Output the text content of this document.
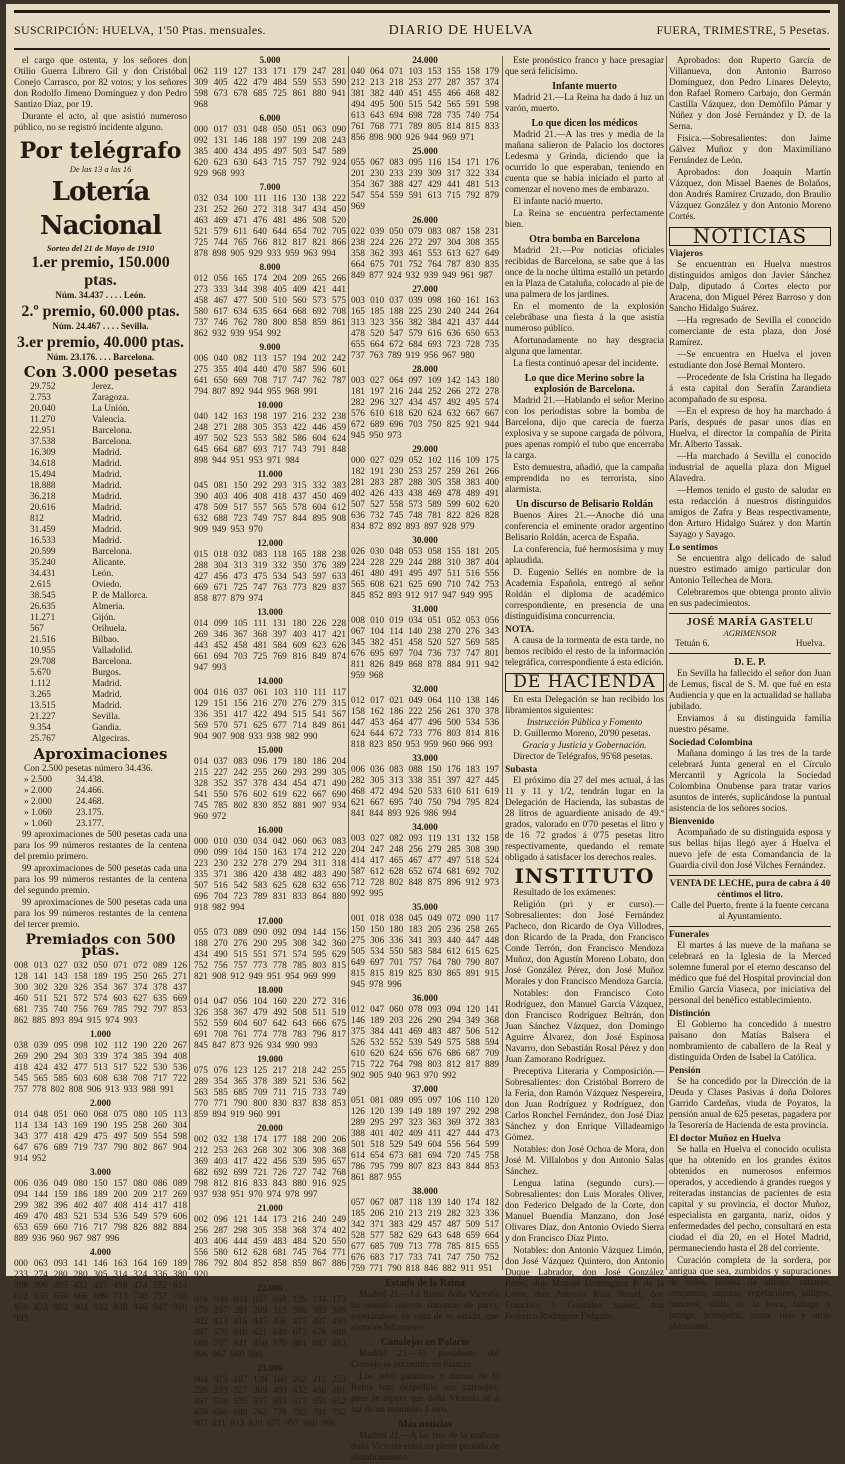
SUSCRIPCIÓN: HUELVA, 1'50 Ptas. mensuales.	DIARIO DE HUELVA	FUERA, TRIMESTRE, 5 Pesetas.

el cargo que ostenta, y los señores don Otilio Guerra Librero Gil y don Cristóbal Conejo Carrasco, por 82 votos; y los señores don Rodolfo Jimeno Domínguez y don Pedro Santizo Díaz, por 19.

Durante el acto, al que asistió numeroso público, no se registró incidente alguno.

Por telégrafo
De las 13 a las 16
Lotería Nacional
Sorteo del 21 de Mayo de 1910
1.er premio, 150.000 ptas.
Núm. 34.437 . . . . León.
2.º premio, 60.000 ptas.
Núm. 24.467 . . . . Sevilla.
3.er premio, 40.000 ptas.
Núm. 23.176. . . . Barcelona.
Con 3.000 pesetas
29.752	Jerez.
2.753	Zaragoza.
20.040	La Unión.
11.270	Valencia.
22.951	Barcelona.
37.538	Barcelona.
16.309	Madrid.
34.618	Madrid.
15.494	Madrid.
18.888	Madrid.
36.218	Madrid.
20.616	Madrid.
812	Madrid.
31.459	Madrid.
16.533	Madrid.
20.599	Barcelona.
35.240	Alicante.
34.431	León.
2.615	Oviedo.
38.545	P. de Mallorca.
26.635	Almería.
11.271	Gijón.
567	Orihuela.
21.516	Bilbao.
10.955	Valladolid.
29.708	Barcelona.
5.670	Burgos.
1.112	Madrid.
3.265	Madrid.
13.515	Madrid.
21.227	Sevilla.
9.354	Gandía.
25.767	Algeciras.
Aproximaciones
Con 2.500 pesetas número 34.436.
» 2.500	34.438.
» 2.000	24.466.
» 2.000	24.468.
» 1.060	23.175.
» 1.060	23.177.

99 aproximaciones de 500 pesetas cada una para los 99 números restantes de la centena del premio primero.

99 aproximaciones de 500 pesetas cada una para los 99 números restantes de la centena del segundo premio.

99 aproximaciones de 500 pesetas cada una para los 99 números restantes de la centena del tercer premio.

Premiados con 500 ptas.
008 013 027 032 050 071 072 089 126 128 141 143 158 189 195 250 265 271 300 302 320 326 354 367 374 378 437 460 511 521 572 574 603 627 635 669 681 735 740 756 769 785 792 797 853 862 885 893 894 915 974 993
1.000
038 039 095 098 102 112 190 220 267 269 290 294 303 339 374 385 394 408 418 424 432 477 513 517 522 530 536 545 565 585 603 608 638 708 717 722 757 778 802 808 906 913 933 988 991
2.000
014 048 051 060 068 075 080 105 113 114 134 143 169 190 195 258 260 304 343 377 418 429 475 497 509 554 598 647 676 689 719 737 790 802 867 904 914 952
3.000
006 036 049 080 150 157 080 086 089 094 144 159 186 189 200 209 217 269 299 382 396 402 407 408 414 417 418 469 470 483 521 534 536 549 579 606 653 659 660 716 717 798 826 882 884 889 936 960 967 987 996
4.000
000 063 093 141 146 163 164 169 189 233 274 280 280 305 314 324 336 380 388 396 405 432 457 458 474 552 614 622 635 659 666 689 713 740 757 768 870 873 892 904 932 938 946 947 950 993
5.000
062 119 127 133 171 179 247 281 309 405 422 479 484 559 553 590 598 673 678 685 725 861 880 941 968
6.000
000 017 031 048 050 051 063 090 092 131 146 188 197 199 208 243 385 400 434 495 497 503 547 589 620 623 630 643 715 757 792 924 929 968 993
7.000
032 034 100 111 116 130 138 222 231 252 260 272 318 347 434 450 463 469 471 476 481 486 508 520 521 579 611 640 644 654 702 705 725 744 765 766 812 817 821 866 878 898 905 929 933 959 963 994
8.000
012 056 165 174 204 209 265 266 273 333 344 398 405 409 421 441 458 467 477 500 510 560 573 575 580 617 634 635 664 668 692 708 737 746 762 780 800 858 859 861 862 932 939 954 992
9.000
006 040 082 113 157 194 202 242 275 355 404 440 470 587 596 601 641 650 669 708 717 747 762 787 794 807 892 944 955 968 991
10.000
040 142 163 198 197 216 232 238 248 271 288 305 353 422 446 459 497 502 523 553 582 586 604 624 645 664 687 693 717 743 791 848 898 944 951 953 971 984
11.000
045 081 150 292 293 315 332 383 390 403 406 408 418 437 450 469 478 509 517 557 565 578 604 612 632 688 723 749 757 844 895 908 909 949 953 970
12.000
015 018 032 083 118 165 188 238 288 304 313 319 332 350 376 389 427 456 473 475 534 543 597 633 669 671 725 747 763 773 829 837 858 877 879 974
13.000
014 099 105 111 131 180 226 228 269 346 367 368 397 403 417 421 443 452 458 481 584 609 623 626 661 694 703 725 769 816 849 874 947 993
14.000
004 016 037 061 103 110 111 117 129 151 156 216 270 276 279 315 336 351 417 422 494 515 541 567 569 570 571 625 677 714 849 861 904 907 908 933 938 982 990
15.000
014 037 083 096 179 180 186 204 215 227 242 255 260 293 299 305 328 352 357 378 434 454 471 490 541 550 576 602 619 622 667 690 745 785 802 830 852 881 907 934 960 972
16.000
000 010 030 034 042 060 063 083 090 099 104 150 163 174 212 220 223 230 232 278 279 294 311 318 335 371 386 420 438 482 483 490 507 516 542 583 625 628 632 656 696 704 723 789 831 833 864 880 918 982 994
17.000
055 073 089 090 092 094 144 156 188 270 276 290 295 308 342 360 434 490 515 551 571 574 595 629 752 756 757 773 778 785 803 815 821 908 912 949 951 954 969 999
18.000
014 047 056 104 160 220 272 316 326 358 367 479 492 508 511 519 552 559 604 607 642 643 666 675 691 708 761 774 778 783 796 817 845 847 873 926 934 990 993
19.000
075 076 123 125 217 218 242 255 289 354 365 378 389 521 536 562 563 585 685 709 711 715 733 749 770 771 790 800 830 837 838 853 859 894 919 960 991
20.000
002 032 138 174 177 188 200 206 212 253 263 268 302 306 308 368 369 403 417 422 456 539 595 657 682 692 699 721 726 727 742 768 798 812 816 833 843 880 916 925 937 938 951 970 974 978 997
21.000
002 096 121 144 173 216 240 249 256 287 298 305 358 368 374 402 403 406 444 459 483 484 520 550 556 580 612 628 681 745 764 771 786 792 804 852 858 859 867 886 920
22.000
016 030 034 037 058 125 134 173 178 257 281 289 315 360 383 389 402 413 416 445 456 477 487 490 497 570 618 621 649 673 676 688 688 797 841 850 870 881 883 883 896 967 980 985
23.000
064 075 107 139 160 202 212 223 226 233 327 369 403 432 456 481 497 518 535 597 603 617 650 652 670 686 688 762 776 782 791 792 807 811 813 820 875 957 960 996
24.000
040 064 071 103 153 155 158 179 212 213 218 253 277 287 357 374 381 382 440 451 455 466 468 482 494 495 500 515 542 565 591 598 613 643 694 698 728 735 740 754 761 768 771 789 805 814 815 833 856 898 900 926 944 969 971
25.000
055 067 083 095 116 154 171 176 201 230 233 239 309 317 322 334 354 367 388 427 429 441 481 513 547 554 559 591 613 715 792 879 969
26.000
022 039 050 079 083 087 158 231 238 224 226 272 297 304 308 355 358 362 393 461 553 613 627 649 664 675 701 752 764 787 830 835 849 877 924 932 939 949 961 987
27.000
003 010 037 039 098 160 161 163 165 185 188 225 230 240 244 264 313 323 356 382 384 421 437 444 478 520 547 579 616 636 650 653 655 664 672 684 693 723 728 735 737 763 789 919 956 967 980
28.000
003 027 064 097 109 142 143 180 181 197 216 244 252 266 272 278 282 296 327 434 457 492 495 574 576 610 618 620 624 632 667 667 672 689 696 703 750 825 921 944 945 950 973
29.000
000 027 029 052 102 116 109 175 182 191 230 253 257 259 261 266 281 283 287 288 305 358 383 400 402 426 433 438 469 478 489 491 507 527 558 573 589 599 602 620 636 732 745 748 781 822 826 828 834 872 892 893 897 928 979
30.000
026 030 048 053 058 155 181 205 224 228 229 244 288 310 387 404 461 480 491 495 497 511 516 556 565 608 621 625 690 710 742 753 845 852 893 912 917 947 949 995
31.000
008 010 019 034 051 052 053 056 067 104 114 140 238 270 276 343 345 382 451 458 520 527 569 585 676 695 697 704 736 737 747 801 811 826 849 868 878 884 911 942 959 968
32.000
012 017 021 049 064 110 138 146 158 162 186 222 256 261 370 378 447 453 464 477 496 500 534 536 624 644 672 733 776 803 814 816 818 823 850 953 959 960 966 993
33.000
006 036 083 088 150 176 183 197 282 305 313 338 351 397 427 445 468 472 494 520 533 610 611 619 621 667 695 740 750 794 795 824 841 844 893 926 986 994
34.000
003 027 082 093 119 131 132 158 204 247 248 256 279 285 308 390 414 417 465 467 477 497 518 524 587 612 628 652 674 681 692 702 712 728 802 848 875 896 912 973 992 995
35.000
001 018 038 045 049 072 090 117 150 150 180 183 205 236 258 265 275 306 336 341 393 440 447 448 505 534 550 583 584 612 615 625 649 697 701 757 764 780 790 807 815 815 819 825 830 865 891 915 945 978 996
36.000
012 047 060 078 093 094 120 141 146 189 203 226 290 294 349 368 375 384 441 469 483 487 506 512 526 532 552 539 549 575 588 594 610 620 624 656 676 686 687 709 715 722 764 798 803 812 817 889 902 905 940 963 970 992
37.000
051 081 089 095 097 106 110 120 126 120 139 149 189 197 292 298 289 295 297 323 363 369 372 383 388 401 402 409 411 427 444 473 501 518 529 549 604 556 564 599 614 654 673 681 694 720 745 758 786 795 799 807 823 843 844 853 861 887 955
38.000
057 067 087 118 139 140 174 182 185 206 210 213 219 282 323 336 342 371 383 429 457 487 509 517 528 577 582 629 643 648 659 664 677 685 709 713 778 785 815 655 676 683 717 733 741 747 750 752 759 771 790 818 846 882 911 951
Estado de la Reina

Madrid 21.—La Reina doña Victoria ha sentido nuevos síntomas de parto, esperándose, en vista de su estado, que alumbre felizmente.

Canalejas en Palacio

Madrid 21.—El presidente del Consejo se encuentra en Palacio.

Los jefes palatinos y damas de la Reina han despedido sus carruajes, pues se espera que doña Victoria dé á luz de un momento á otro.

Más noticias

Madrid 21.—A las tres de la mañana doña Victoria entró en pleno período de alumbramiento.

Este pronóstico franco y hace presagiar que será felicísimo.

Infante muerto

Madrid 21.—La Reina ha dado á luz un varón, muerto.

Lo que dicen los médicos

Madrid 21.—A las tres y media de la mañana salieron de Palacio los doctores Ledesma y Grinda, diciendo que la ocurrido lo que esperaban, teniendo en cuenta que se había iniciado el parto al comenzar el noveno mes de embarazo.

El infante nació muerto.

La Reina se encuentra perfectamente bien.

Otra bomba en Barcelona

Madrid 21.—Por noticias oficiales recibidas de Barcelona, se sabe que á las once de la noche última estalló un petardo en la Plaza de Cataluña, colocado al pie de una palmera de los jardines.

En el momento de la explosión celebrábase una fiesta á la que asistía numeroso público.

Afortunadamente no hay desgracia alguna que lamentar.

La fiesta continuó apesar del incidente.

Lo que dice Merino sobre la explosión de Barcelona.

Madrid 21.—Hablando el señor Merino con los periodistas sobre la bomba de Barcelona, dijo que carecía de fuerza explosiva y se supone cargada de pólvora, pues apenas rompió el tubo que encerraba la carga.

Esto demuestra, añadió, que la campaña emprendida no es terrorista, sino alarmista.

Un discurso de Belisario Roldán

Buenos Aires 21.—Anoche dió una conferencia el eminente orador argentino Belisario Roldán, acerca de España.

La conferencia, fué hermosísima y muy aplaudida.

D. Eugenio Sellés en nombre de la Academia Española, entregó al señor Roldán el diploma de académico correspondiente, en presencia de una distinguidísima concurrencia.

NOTA.

A causa de la tormenta de esta tarde, no hemos recibido el resto de la información telegráfica, correspondiente á esta edición.

DE HACIENDA

En esta Delegación se han recibido los libramientos siguientes:

Instrucción Pública y Fomento

D. Guillermo Moreno, 20'90 pesetas.

Gracia y Justicia y Gobernación.

Director de Telégrafos, 95'68 pesetas.

Subasta

El próximo día 27 del mes actual, á las 11 y 11 y 1/2, tendrán lugar en la Delegación de Hacienda, las subastas de 28 litros de aguardiente anisado de 49.º grados, valorado en 0'70 pesetas el litro y de 16 72 grados á 0'75 pesetas litro respectivamente, quedando el remate obligado á satisfacer los derechos reales.

INSTITUTO

Resultado de los exámenes:

Religión (pri y er curso).—Sobresalientes: don José Fernández Pacheco, don Ricardo de Oya Villodres, don Ricardo de la Prada, don Francisco Conde Terrón, don Francisco Mendoza Muñoz, don Agustín Moreno Lobato, don José González Pérez, don José Muñoz Morales y don Francisco Mendoza García.

Notables: don Francisco Coto Rodríguez, don Manuel García Vázquez, don Francisco Rodríguez Beltrán, don Juan Sánchez Vázquez, don Domingo Aguirre Álvarez, don José Espinosa Navarro, don Sebastián Rosal Pérez y don Juan Zamorano Rodríguez.

Preceptiva Literaria y Composición.—Sobresalientes: don Cristóbal Borrero de la Feria, don Ramón Vázquez Nespereira, don Juan Rodríguez y Rodríguez, don Carlos Ronchel Fernández, don José Díaz Sánchez y don Enrique Villadeamigo Gómez.

Notables: don José Ochoa de Mora, don José M. Villalobos y don Antonio Salas Sánchez.

Lengua latina (segundo curs).—Sobresalientes: don Luis Morales Oliver, don Federico Delgado de la Corte, don Manuel Buendía Manzano, don José Olivares Díaz, don Antonio Oviedo Sierra y don Francisco Díaz Pinto.

Notables: don Antonio Vázquez Limón, don José Vázquez Quintero, don Antonio Duque Labrador, don José González Páreo, don Manuel Domínguez P. de la Corte, don Antonio Ruiz Teruel, don Francisco J. González Suárez, don Federico Rodríguez Delgado.

Aprobados: don Ruperto García de Villanueva, don Antonio Barroso Domínguez, don Pedro Linares Deleyto, don Rafael Romero Carbajo, don Germán Castilla Vázquez, don Demófilo Pámar y Núñez y don José Fernández y D. de la Serna.

Física.—Sobresalientes: don Jaime Gálvez Muñoz y don Maximiliano Fernández de León.

Aprobados: don Joaquín Martín Vázquez, don Misael Baenes de Bolaños, don Andrés Ramírez Cruzado, don Braulio Vázquez González y don Antonio Moreno Cortés.

NOTICIAS
Viajeros

Se encuentran en Huelva nuestros distinguidos amigos don Javier Sánchez Dalp, diputado á Cortes electo por Aracena, don Miguel Pérez Barroso y don Sancho Hidalgo Suárez.

—Ha regresado de Sevilla el conocido comerciante de esta plaza, don José Ramírez.

—Se encuentra en Huelva el joven estudiante don José Bernal Montero.

—Procedente de Isla Cristina ha llegado á esta capital don Serafín Zarandieta acompañado de su esposa.

—En el expreso de hoy ha marchado á París, después de pasar unos días en Huelva, el director la compañía de Pirita Mr. Alberto Tassak.

—Ha marchado á Sevilla el conocido industrial de aquella plaza don Miguel Alavedra.

—Hemos tenido el gusto de saludar en esta redacción á nuestros distinguidos amigos de Zafra y Beas respectivamente, don Arturo Hidalgo Suárez y don Martín Sayago y Sayago.

Lo sentimos

Se encuentra algo delicado de salud nuestro estimado amigo particular don Antonio Tellechea de Mora.

Celebraremos que obtenga pronto alivio en sus padecimientos.

JOSÉ MARÍA GASTELU
AGRIMENSOR
Tetuán 6.	Huelva.
D. E. P.

En Sevilla ha fallecido el señor don Juan de Lemus, fiscal de S. M. que fué en esta Audiencia y que en la actualidad se hallaba jubilado.

Enviamos á su distinguida familia nuestro pésame.

Sociedad Colombina

Mañana domingo á las tres de la tarde celebrará Junta general en el Círculo Mercantil y Agrícola la Sociedad Colombina Onubense para tratar varios asuntos de interés, suplicándose la puntual asistencia de los señores socios.

Bienvenido

Acompañado de su distinguida esposa y sus bellas hijas llegó ayer á Huelva el nuevo jefe de esta Comandancia de la Guardia civil don José Vilches Fernández.

VENTA DE LECHE, pura de cabra á 40 céntimos el litro.
Calle del Puerto, frente á la fuente cercana al Ayuntamiento.
Funerales

El martes á las nueve de la mañana se celebrará en la Iglesia de la Merced solemne funeral por el eterno descanso del médico que fué del Hospital provincial don Emilio García Viaseca, por iniciativa del personal del benéfico establecimiento.

Distinción

El Gobierno ha concedido á nuestro paisano don Matías Balsera el nombramiento de caballero de la Real y distinguida Orden de Isabel la Católica.

Pensión

Se ha concedido por la Dirección de la Deuda y Clases Pasivas á doña Dolores Garrido Cardeñas, viuda de Poyatos, la pensión anual de 625 pesetas, pagadera por la Tesorería de Hacienda de esta provincia.

El doctor Muñoz en Huelva

Se halla en Huelva el conocido oculista que ha obtenido en los grandes éxitos obtenidos en numerosos enfermos operados, y accediendo á grandes ruegos y reiteradas instancias de pacientes de esta capital y su provincia, el doctor Muñoz, especialista en garganta, nariz, oídos y enfermedades del pecho, consultará en esta ciudad el día 20, en el Hotel Madrid, permaneciendo hasta el 28 del corriente.

Curación completa de la sordera, por antigua que sea, zumbidos y supuraciones de oídos, fétidez de aliento, catarros, ronqueras, anginas, vegetaciones, pólipos, tumores, sífilis de la boca, laringe y laringe, bronquitis, asma, tisis y otras afecciones.
